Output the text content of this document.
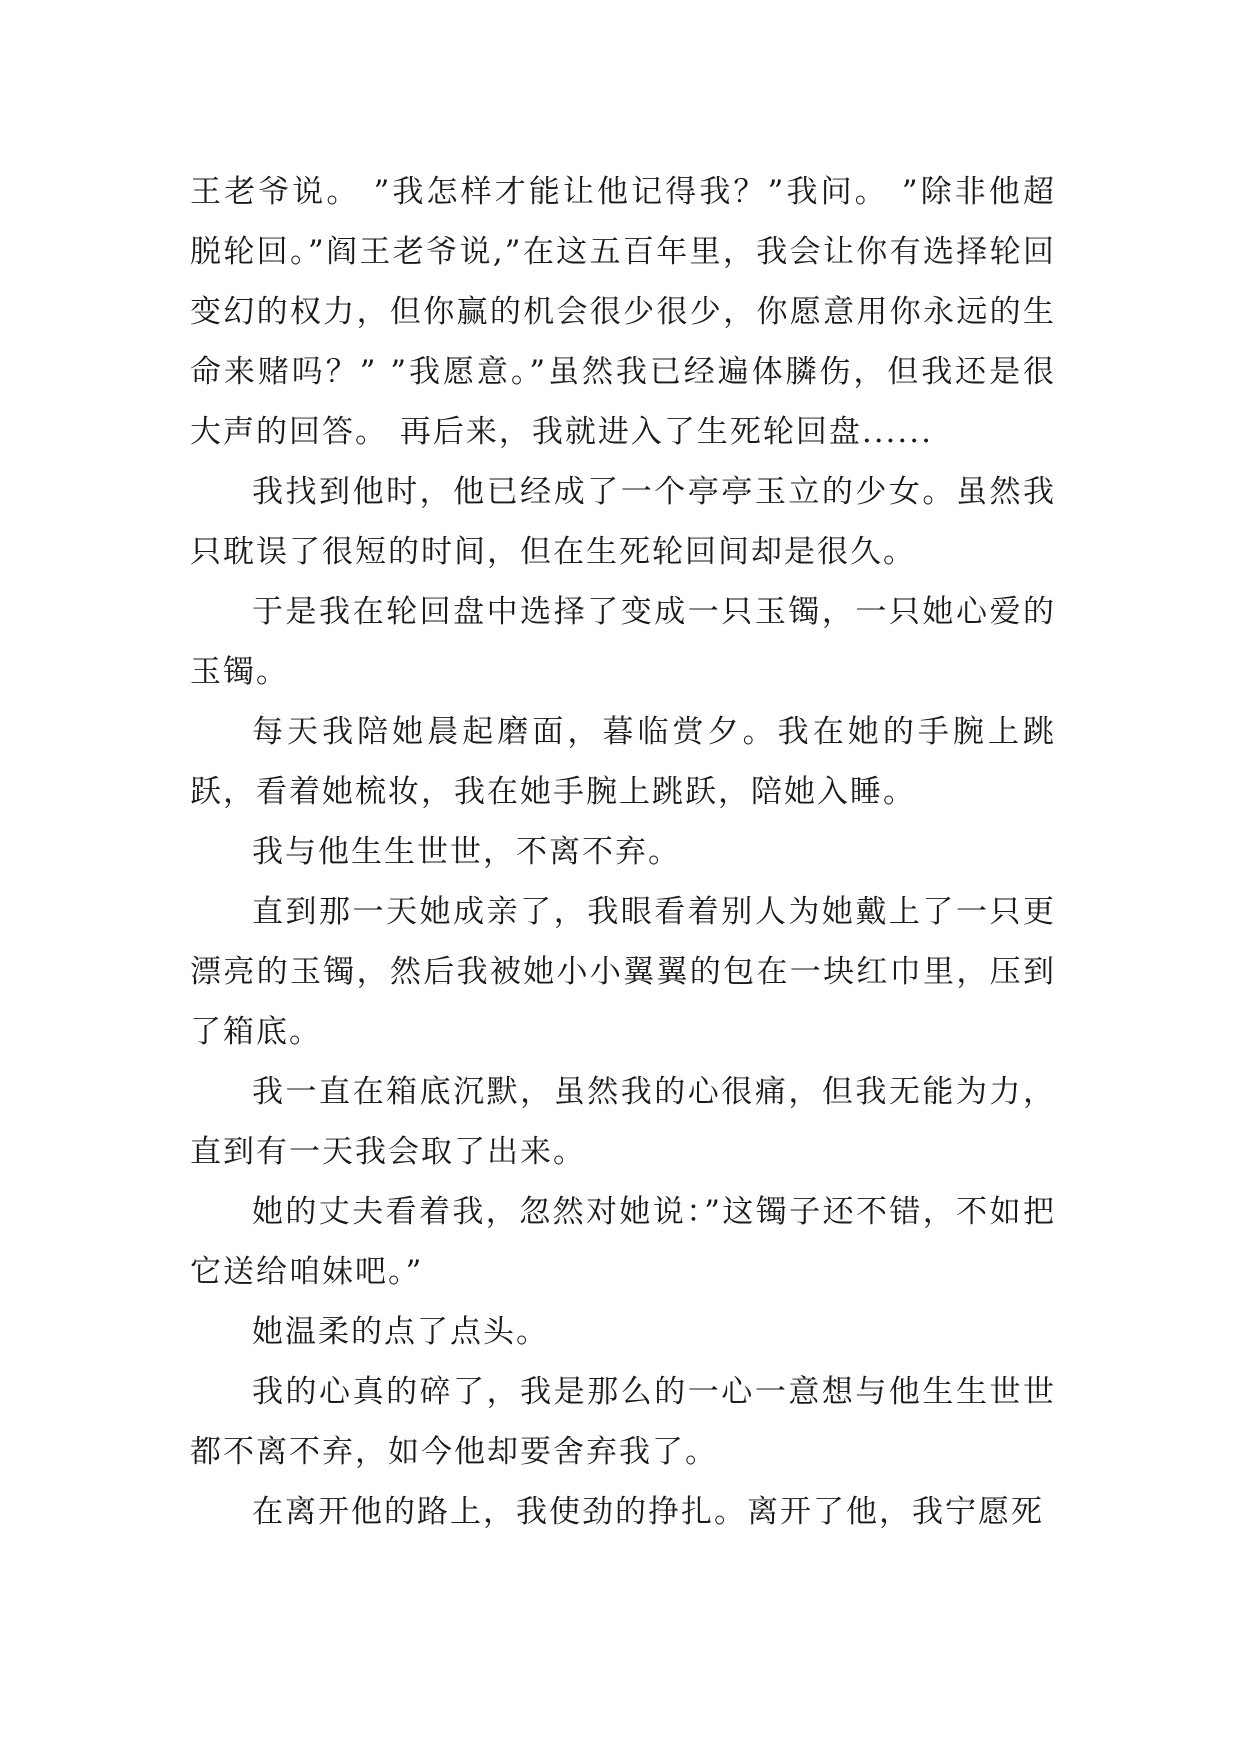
王老爷说。 ”我怎样才能让他记得我？”我问。 ”除非他超脱轮回。”阎王老爷说,”在这五百年里，我会让你有选择轮回变幻的权力，但你赢的机会很少很少，你愿意用你永远的生命来赌吗？” ”我愿意。”虽然我已经遍体膦伤，但我还是很大声的回答。 再后来，我就进入了生死轮回盘......

我找到他时，他已经成了一个亭亭玉立的少女。虽然我只耽误了很短的时间，但在生死轮回间却是很久。

于是我在轮回盘中选择了变成一只玉镯，一只她心爱的玉镯。

每天我陪她晨起磨面，暮临赏夕。我在她的手腕上跳跃，看着她梳妆，我在她手腕上跳跃，陪她入睡。

我与他生生世世，不离不弃。

直到那一天她成亲了，我眼看着别人为她戴上了一只更漂亮的玉镯，然后我被她小小翼翼的包在一块红巾里，压到了箱底。

我一直在箱底沉默，虽然我的心很痛，但我无能为力，直到有一天我会取了出来。

她的丈夫看着我，忽然对她说：”这镯子还不错，不如把它送给咱妹吧。”

她温柔的点了点头。

我的心真的碎了，我是那么的一心一意想与他生生世世都不离不弃，如今他却要舍弃我了。

在离开他的路上，我使劲的挣扎。离开了他，我宁愿死
